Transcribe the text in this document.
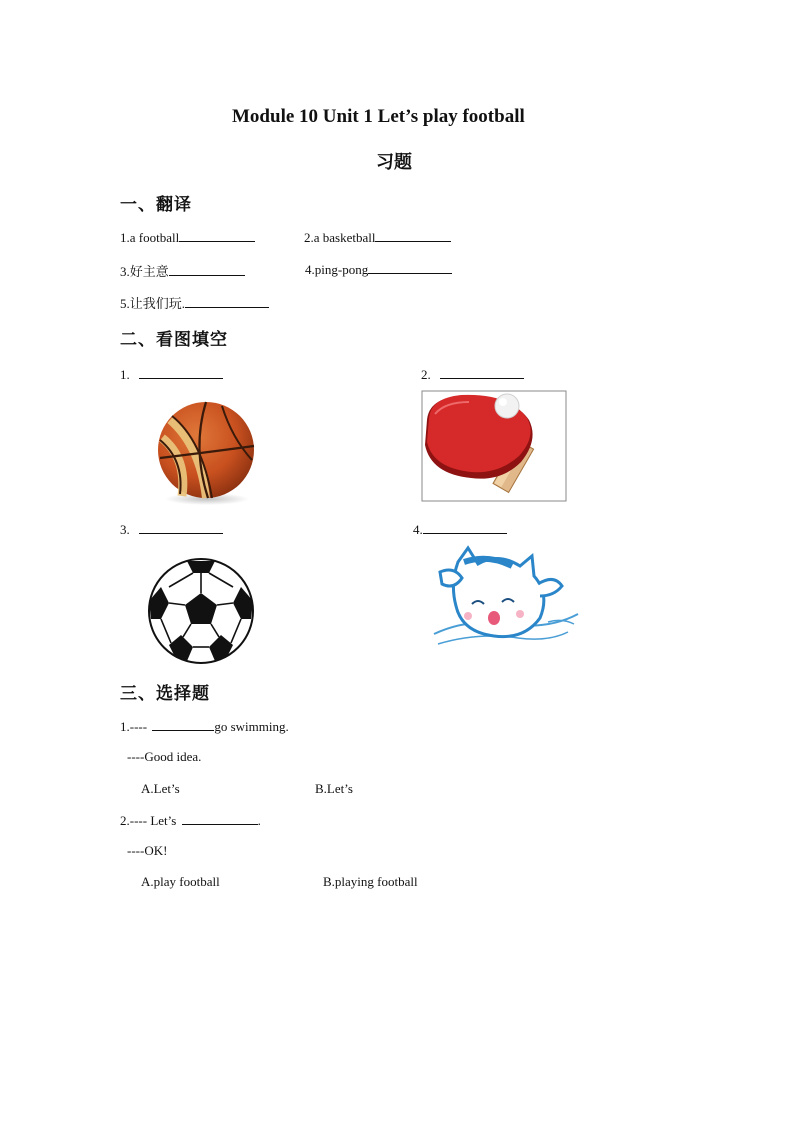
Module 10 Unit 1 Let’s play football
习题
一、翻译
1.a football	2.a basketball
3.好主意	4.ping-pong
5.让我们玩.
二、看图填空
1.	2.
3.	4.
三、选择题
1.----	go swimming.
----Good idea.
A.Let’s	B.Let’s
2.---- Let’s	.
----OK!
A.play football	B.playing football
